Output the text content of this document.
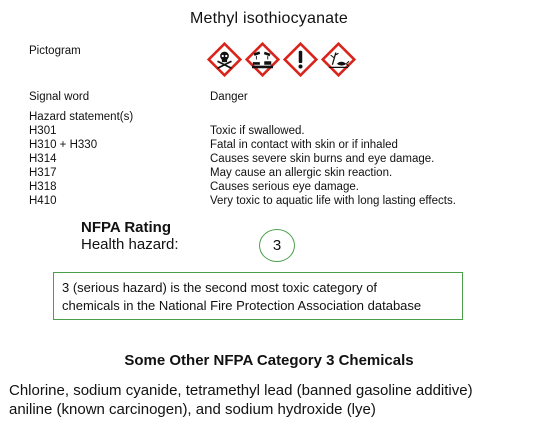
Methyl isothiocyanate
Pictogram
Signal word	Danger
Hazard statement(s)
H301
H310 + H330
H314
H317
H318
H410
Toxic if swallowed.
Fatal in contact with skin or if inhaled
Causes severe skin burns and eye damage.
May cause an allergic skin reaction.
Causes serious eye damage.
Very toxic to aquatic life with long lasting effects.
NFPA Rating
Health hazard:	3
3 (serious hazard) is the second most toxic category of
chemicals in the National Fire Protection Association database
Some Other NFPA Category 3 Chemicals
Chlorine, sodium cyanide, tetramethyl lead (banned gasoline additive)
aniline (known carcinogen), and sodium hydroxide (lye)
